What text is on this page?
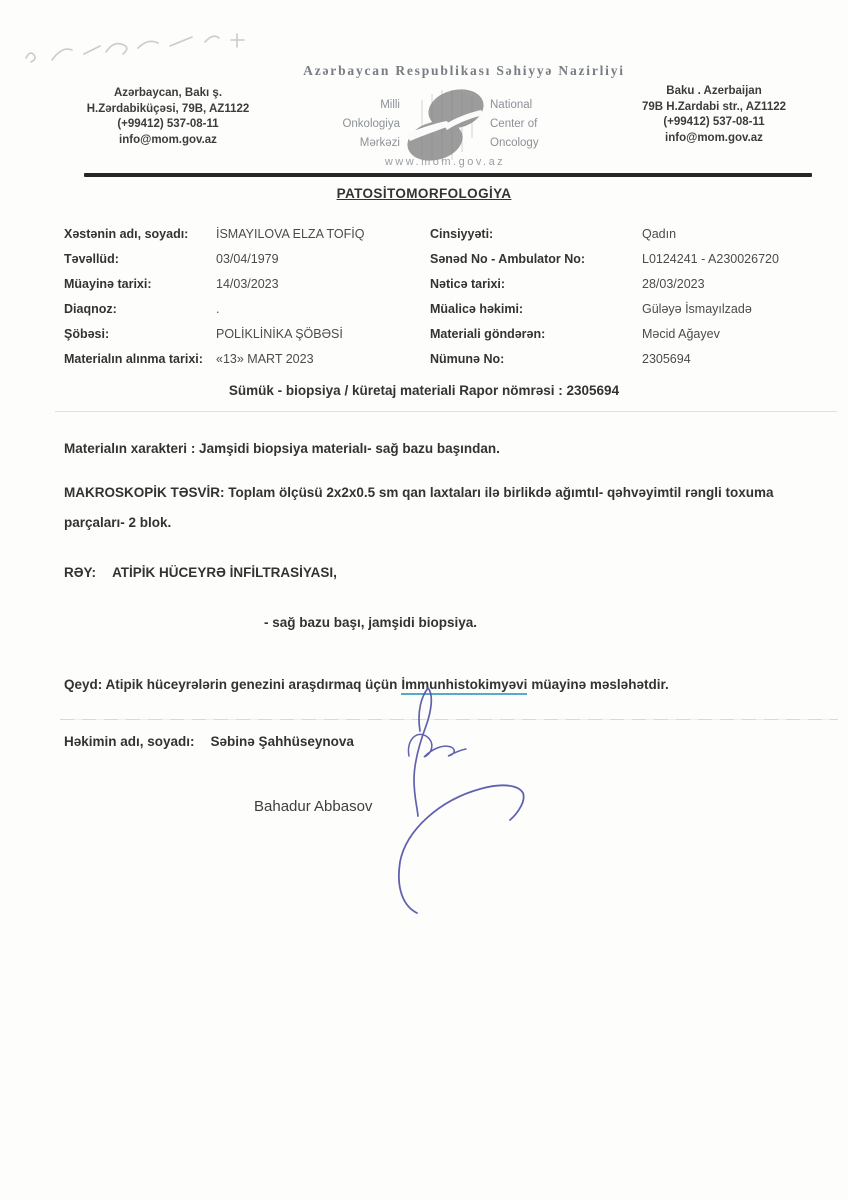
Azərbaycan Respublikası Səhiyyə Nazirliyi
Azərbaycan, Bakı ş.
H.Zərdabiküçəsi, 79B, AZ1122
(+99412) 537-08-11
info@mom.gov.az
Baku . Azerbaijan
79B H.Zardabi str., AZ1122
(+99412) 537-08-11
info@mom.gov.az
Milli
Onkologiya
Mərkəzi
National
Center of
Oncology
www.mom.gov.az
PATOSİTOMORFOLOGİYA
Xəstənin adı, soyadı:	İSMAYILOVA ELZA TOFİQ	Cinsiyyəti:	Qadın
Təvəllüd:	03/04/1979	Sənəd No - Ambulator No:	L0124241 - A230026720
Müayinə tarixi:	14/03/2023	Nəticə tarixi:	28/03/2023
Diaqnoz:	.	Müalicə həkimi:	Güləyə İsmayılzadə
Şöbəsi:	POLİKLİNİKA ŞÖBƏSİ	Materiali göndərən:	Məcid Ağayev
Materialın alınma tarixi:	«13» MART 2023	Nümunə No:	2305694
Sümük - biopsiya / küretaj materiali Rapor nömrəsi : 2305694
Materialın xarakteri : Jamşidi biopsiya materialı- sağ bazu başından.
MAKROSKOPİK TƏSVİR: Toplam ölçüsü 2x2x0.5 sm qan laxtaları ilə birlikdə ağımtıl- qəhvəyimtil rəngli toxuma parçaları- 2 blok.
RƏY: ATİPİK HÜCEYRƏ İNFİLTRASİYASI,
- sağ bazu başı, jamşidi biopsiya.
Qeyd: Atipik hüceyrələrin genezini araşdırmaq üçün İmmunhistokimyəvi müayinə məsləhətdir.
Həkimin adı, soyadı: Səbinə Şahhüseynova
Bahadur Abbasov
